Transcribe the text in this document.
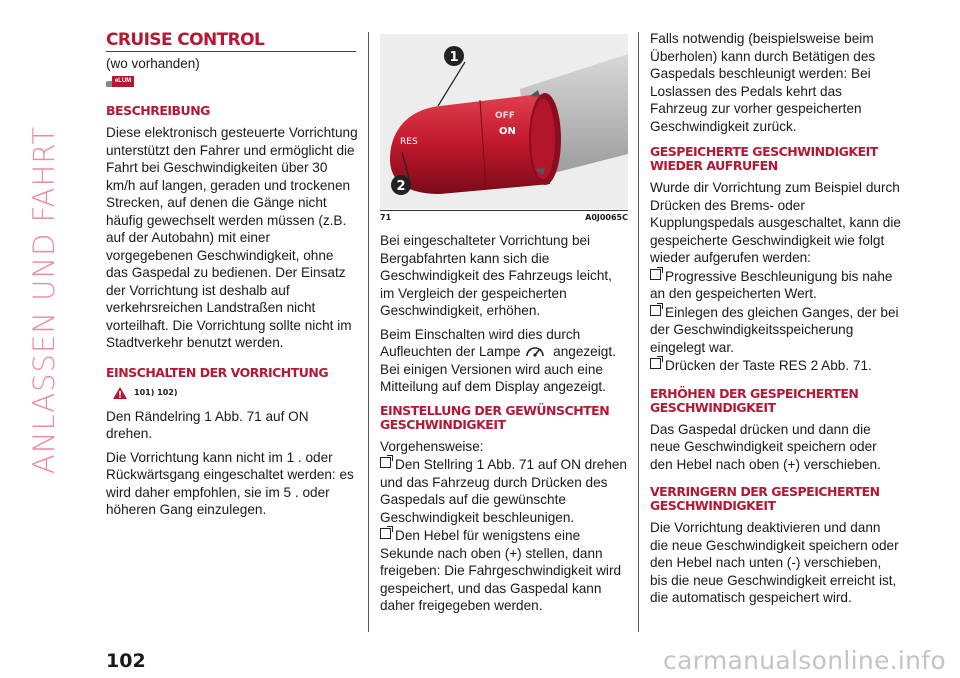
ANLASSEN UND FAHRT
CRUISE CONTROL

(wo vorhanden)

eLUM
BESCHREIBUNG

Diese elektronisch gesteuerte Vorrichtung unterstützt den Fahrer und ermöglicht die Fahrt bei Geschwindigkeiten über 30 km/h auf langen, geraden und trockenen Strecken, auf denen die Gänge nicht häufig gewechselt werden müssen (z.B. auf der Autobahn) mit einer vorgegebenen Geschwindigkeit, ohne das Gaspedal zu bedienen. Der Einsatz der Vorrichtung ist deshalb auf verkehrsreichen Landstraßen nicht vorteilhaft. Die Vorrichtung sollte nicht im Stadtverkehr benutzt werden.

EINSCHALTEN DER VORRICHTUNG
101) 102)

Den Rändelring 1 Abb. 71 auf ON drehen.

Die Vorrichtung kann nicht im 1 . oder Rückwärtsgang eingeschaltet werden: es wird daher empfohlen, sie im 5 . oder höheren Gang einzulegen.

RES
OFF
ON
1
2
71	A0J0065C

Bei eingeschalteter Vorrichtung bei Bergabfahrten kann sich die Geschwindigkeit des Fahrzeugs leicht, im Vergleich der gespeicherten Geschwindigkeit, erhöhen.

Beim Einschalten wird dies durch Aufleuchten der Lampe angezeigt. Bei einigen Versionen wird auch eine Mitteilung auf dem Display angezeigt.

EINSTELLUNG DER GEWÜNSCHTEN GESCHWINDIGKEIT

Vorgehensweise:

Den Stellring 1 Abb. 71 auf ON drehen und das Fahrzeug durch Drücken des Gaspedals auf die gewünschte Geschwindigkeit beschleunigen.
Den Hebel für wenigstens eine Sekunde nach oben (+) stellen, dann freigeben: Die Fahrgeschwindigkeit wird gespeichert, und das Gaspedal kann daher freigegeben werden.

Falls notwendig (beispielsweise beim Überholen) kann durch Betätigen des Gaspedals beschleunigt werden: Bei Loslassen des Pedals kehrt das Fahrzeug zur vorher gespeicherten Geschwindigkeit zurück.

GESPEICHERTE GESCHWINDIGKEIT WIEDER AUFRUFEN

Wurde dir Vorrichtung zum Beispiel durch Drücken des Brems- oder Kupplungspedals ausgeschaltet, kann die gespeicherte Geschwindigkeit wie folgt wieder aufgerufen werden:

Progressive Beschleunigung bis nahe an den gespeicherten Wert.
Einlegen des gleichen Ganges, der bei der Geschwindigkeitsspeicherung eingelegt war.
Drücken der Taste RES 2 Abb. 71.
ERHÖHEN DER GESPEICHERTEN GESCHWINDIGKEIT

Das Gaspedal drücken und dann die neue Geschwindigkeit speichern oder den Hebel nach oben (+) verschieben.

VERRINGERN DER GESPEICHERTEN GESCHWINDIGKEIT

Die Vorrichtung deaktivieren und dann die neue Geschwindigkeit speichern oder den Hebel nach unten (-) verschieben, bis die neue Geschwindigkeit erreicht ist, die automatisch gespeichert wird.

102	carmanualsonline.info
